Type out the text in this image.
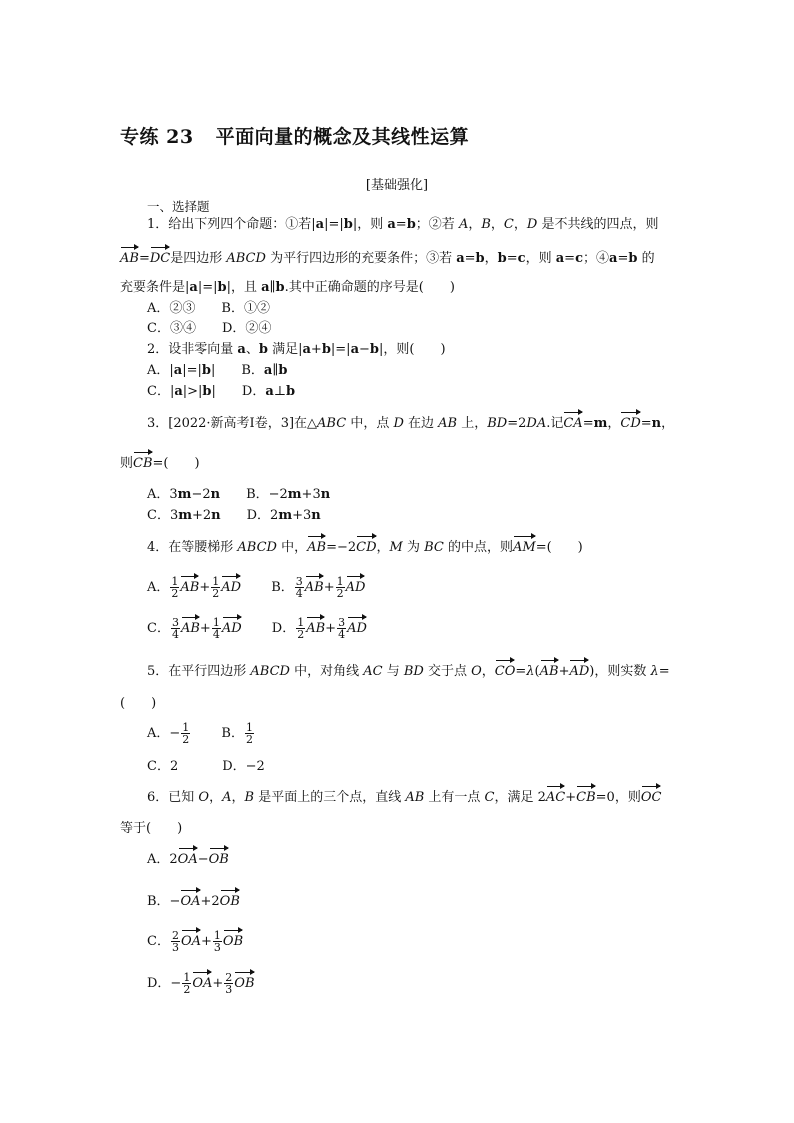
专练 23 平面向量的概念及其线性运算
[基础强化]
一、选择题
1．给出下列四个命题：①若|a|=|b|，则 a=b；②若 A，B，C，D 是不共线的四点，则
AB=DC是四边形 ABCD 为平行四边形的充要条件；③若 a=b，b=c，则 a=c；④a=b 的
充要条件是|a|=|b|，且 a∥b.其中正确命题的序号是(　　)
A．②③ B．①②
C．③④ D．②④
2．设非零向量 a、b 满足|a+b|=|a−b|，则(　　)
A．|a|=|b| B．a∥b
C．|a|>|b| D．a⊥b
3．[2022·新高考Ⅰ卷，3]在△ABC 中，点 D 在边 AB 上，BD=2DA.记CA=m，CD=n，
则CB=(　　)
A．3m−2n B．−2m+3n
C．3m+2n D．2m+3n
4．在等腰梯形 ABCD 中，AB=−2CD，M 为 BC 的中点，则AM=(　　)
A． $\frac{1}{2} AB+ \frac{1}{2}$ AD B． $\frac{3}{4} AB+ \frac{1}{2}$ AD
C． $\frac{3}{4} AB+ \frac{1}{4}$ AD D． $\frac{1}{2} AB+ \frac{3}{4}$ AD
5．在平行四边形 ABCD 中，对角线 AC 与 BD 交于点 O，CO=λ(AB+AD)，则实数 λ=
(　　)
A．− $\frac{1}{2}$ B． $\frac{1}{2}$
C．2	D．−2
6．已知 O，A，B 是平面上的三个点，直线 AB 上有一点 C，满足 2AC+CB=0，则OC
等于(　　)
A．2OA−OB
B．−OA+2OB
C． $\frac{2}{3} OA+ \frac{1}{3}$ OB
D．− $\frac{1}{2} OA+ \frac{2}{3}$ OB
